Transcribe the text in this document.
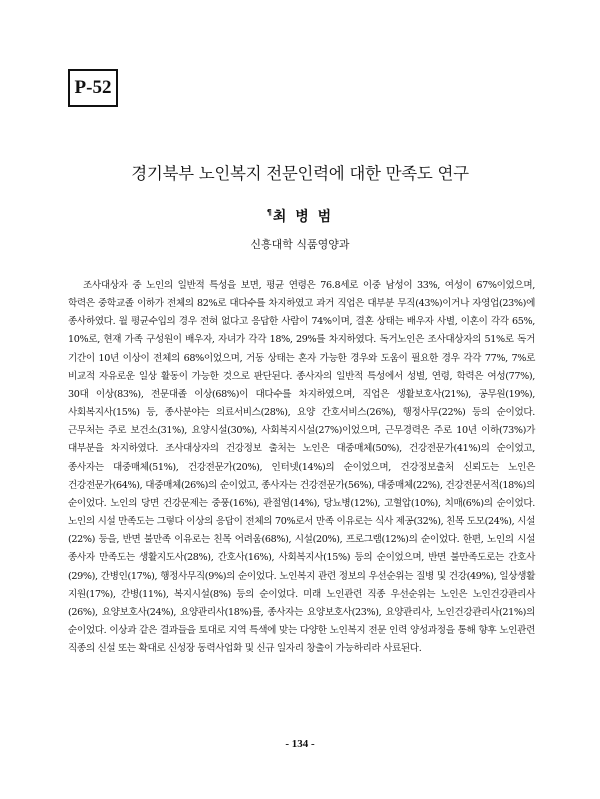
P-52
경기북부 노인복지 전문인력에 대한 만족도 연구
¶최 병 범
신흥대학 식품영양과

조사대상자 중 노인의 일반적 특성을 보면, 평균 연령은 76.8세로 이중 남성이 33%, 여성이 67%이었으며, 학력은 중학교졸 이하가 전체의 82%로 대다수를 차지하였고 과거 직업은 대부분 무직(43%)이거나 자영업(23%)에 종사하였다. 월 평균수입의 경우 전혀 없다고 응답한 사람이 74%이며, 결혼 상태는 배우자 사별, 이혼이 각각 65%, 10%로, 현재 가족 구성원이 배우자, 자녀가 각각 18%, 29%를 차지하였다. 독거노인은 조사대상자의 51%로 독거 기간이 10년 이상이 전체의 68%이었으며, 거동 상태는 혼자 가능한 경우와 도움이 필요한 경우 각각 77%, 7%로 비교적 자유로운 일상 활동이 가능한 것으로 판단된다. 종사자의 일반적 특성에서 성별, 연령, 학력은 여성(77%), 30대 이상(83%), 전문대졸 이상(68%)이 대다수를 차지하였으며, 직업은 생활보호사(21%), 공무원(19%), 사회복지사(15%) 등, 종사분야는 의료서비스(28%), 요양 간호서비스(26%), 행정사무(22%) 등의 순이었다. 근무처는 주로 보건소(31%), 요양시설(30%), 사회복지시설(27%)이었으며, 근무경력은 주로 10년 이하(73%)가 대부분을 차지하였다. 조사대상자의 건강정보 출처는 노인은 대중매체(50%), 건강전문가(41%)의 순이었고, 종사자는 대중매체(51%), 건강전문가(20%), 인터넷(14%)의 순이었으며, 건강정보출처 신뢰도는 노인은 건강전문가(64%), 대중매체(26%)의 순이었고, 종사자는 건강전문가(56%), 대중매체(22%), 건강전문서적(18%)의 순이었다. 노인의 당면 건강문제는 중풍(16%), 관절염(14%), 당뇨병(12%), 고혈압(10%), 치매(6%)의 순이었다. 노인의 시설 만족도는 그렇다 이상의 응답이 전체의 70%로서 만족 이유로는 식사 제공(32%), 친목 도모(24%), 시설(22%) 등을, 반면 불만족 이유로는 친목 어려움(68%), 시설(20%), 프로그램(12%)의 순이었다. 한편, 노인의 시설 종사자 만족도는 생활지도사(28%), 간호사(16%), 사회복지사(15%) 등의 순이었으며, 반면 불만족도로는 간호사(29%), 간병인(17%), 행정사무직(9%)의 순이었다. 노인복지 관련 정보의 우선순위는 질병 및 건강(49%), 일상생활 지원(17%), 간병(11%), 복지시설(8%) 등의 순이었다. 미래 노인관련 직종 우선순위는 노인은 노인건강관리사(26%), 요양보호사(24%), 요양관리사(18%)를, 종사자는 요양보호사(23%), 요양관리사, 노인건강관리사(21%)의 순이었다. 이상과 같은 결과들을 토대로 지역 특색에 맞는 다양한 노인복지 전문 인력 양성과정을 통해 향후 노인관련 직종의 신설 또는 확대로 신성장 동력사업화 및 신규 일자리 창출이 가능하리라 사료된다.

- 134 -
